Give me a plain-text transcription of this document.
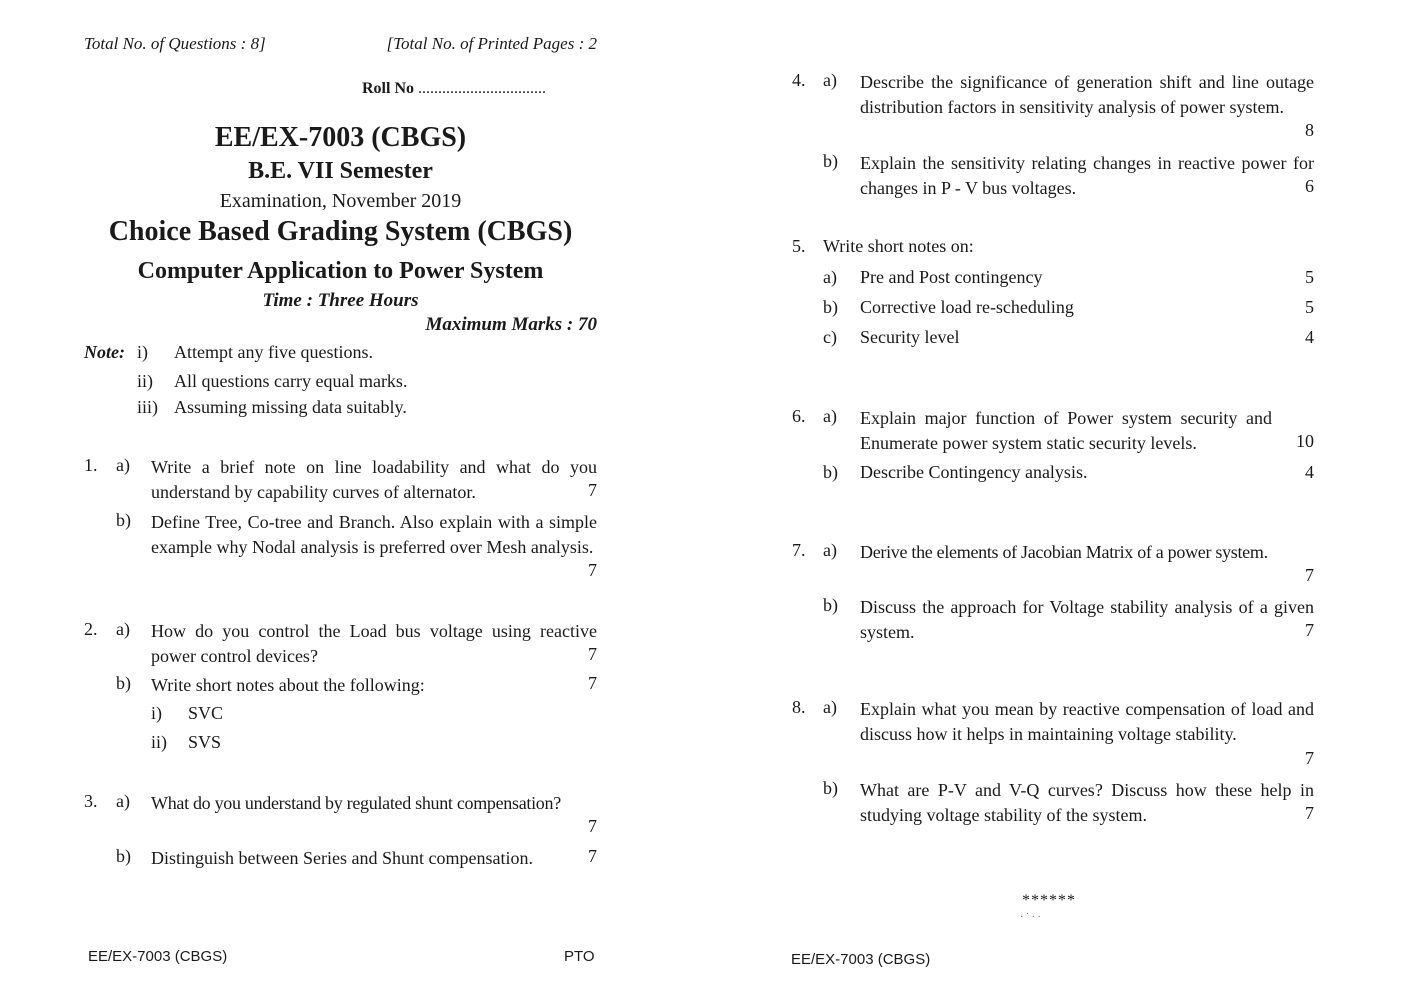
Total No. of Questions : 8]	[Total No. of Printed Pages : 2
Roll No ................................
EE/EX-7003 (CBGS)
B.E. VII Semester
Examination, November 2019
Choice Based Grading System (CBGS)
Computer Application to Power System
Time : Three Hours
Maximum Marks : 70
Note: i) Attempt any five questions.
ii) All questions carry equal marks.
iii) Assuming missing data suitably.
1. a) Write a brief note on line loadability and what do you understand by capability curves of alternator.	7
b) Define Tree, Co-tree and Branch. Also explain with a simple example why Nodal analysis is preferred over Mesh analysis.
7
2. a) How do you control the Load bus voltage using reactive power control devices?	7
b) Write short notes about the following:	7
i) SVC
ii) SVS
3. a) What do you understand by regulated shunt compensation?
7
b) Distinguish between Series and Shunt compensation.	7
EE/EX-7003 (CBGS)	PTO
4. a) Describe the significance of generation shift and line outage distribution factors in sensitivity analysis of power system.
8
b) Explain the sensitivity relating changes in reactive power for changes in P - V bus voltages.	6
5. Write short notes on:
a) Pre and Post contingency	5
b) Corrective load re-scheduling	5
c) Security level	4
6. a) Explain major function of Power system security and Enumerate power system static security levels.	10
b) Describe Contingency analysis.	4
7. a) Derive the elements of Jacobian Matrix of a power system.
7
b) Discuss the approach for Voltage stability analysis of a given system.	7
8. a) Explain what you mean by reactive compensation of load and discuss how it helps in maintaining voltage stability.
7
b) What are P-V and V-Q curves? Discuss how these help in studying voltage stability of the system.	7
******
· ˙ · ·
EE/EX-7003 (CBGS)
